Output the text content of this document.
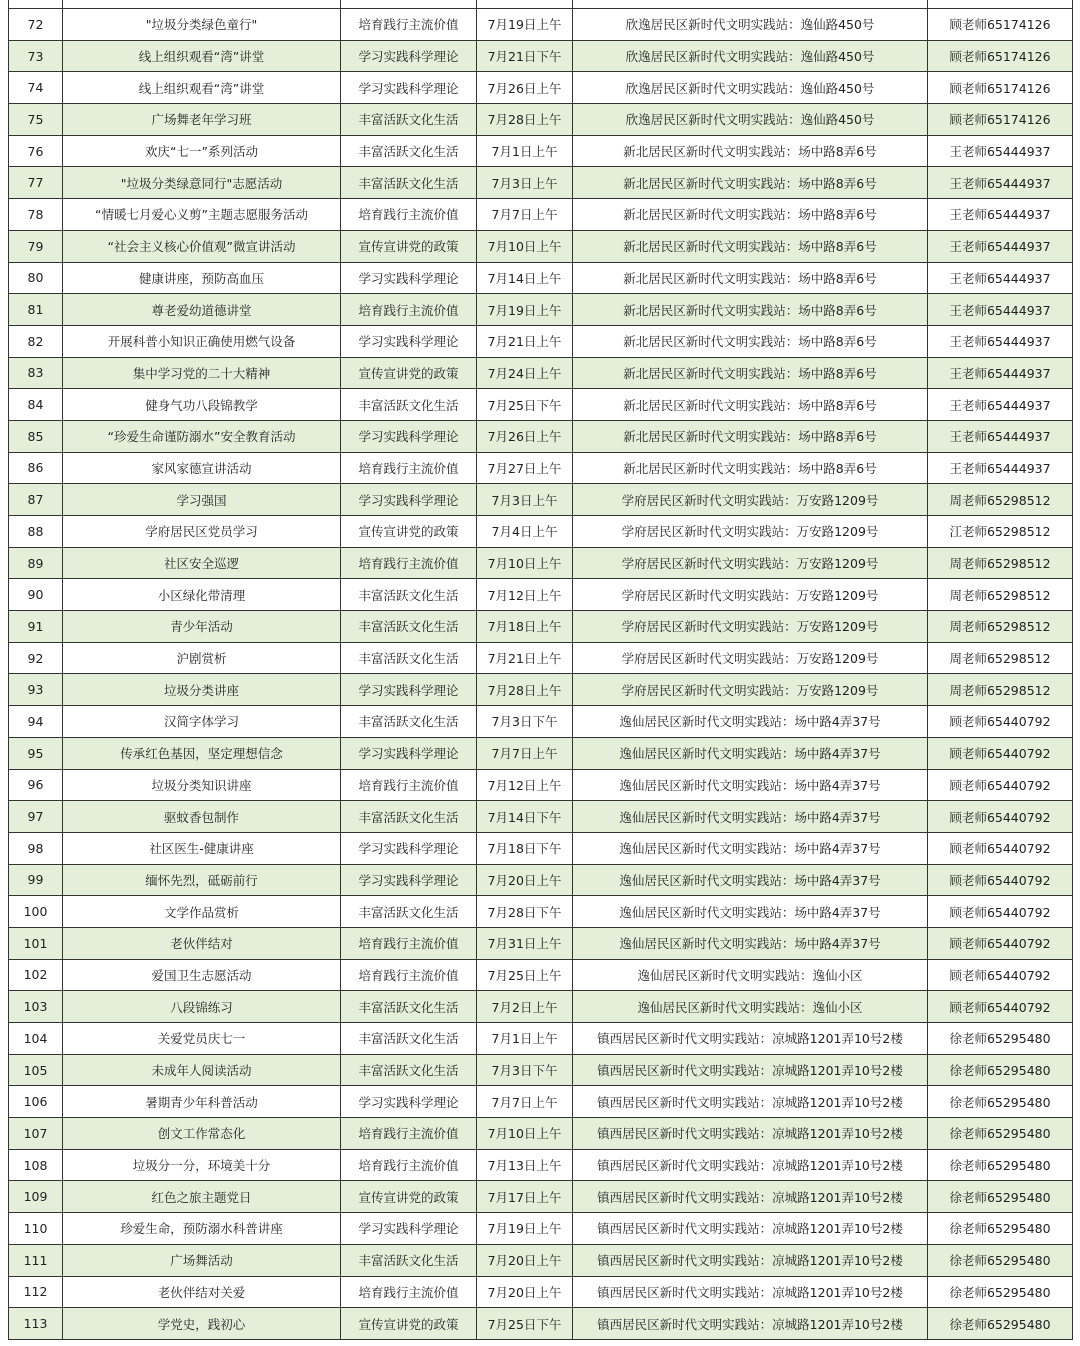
72	"垃圾分类绿色童行"	培育践行主流价值	7月19日上午	欣逸居民区新时代文明实践站：逸仙路450号	顾老师65174126
73	线上组织观看“湾”讲堂	学习实践科学理论	7月21日下午	欣逸居民区新时代文明实践站：逸仙路450号	顾老师65174126
74	线上组织观看“湾”讲堂	学习实践科学理论	7月26日上午	欣逸居民区新时代文明实践站：逸仙路450号	顾老师65174126
75	广场舞老年学习班	丰富活跃文化生活	7月28日上午	欣逸居民区新时代文明实践站：逸仙路450号	顾老师65174126
76	欢庆“七一”系列活动	丰富活跃文化生活	7月1日上午	新北居民区新时代文明实践站：场中路8弄6号	王老师65444937
77	"垃圾分类绿意同行"志愿活动	丰富活跃文化生活	7月3日上午	新北居民区新时代文明实践站：场中路8弄6号	王老师65444937
78	“情暖七月爱心义剪”主题志愿服务活动	培育践行主流价值	7月7日上午	新北居民区新时代文明实践站：场中路8弄6号	王老师65444937
79	“社会主义核心价值观”微宣讲活动	宣传宣讲党的政策	7月10日上午	新北居民区新时代文明实践站：场中路8弄6号	王老师65444937
80	健康讲座，预防高血压	学习实践科学理论	7月14日上午	新北居民区新时代文明实践站：场中路8弄6号	王老师65444937
81	尊老爱幼道德讲堂	培育践行主流价值	7月19日上午	新北居民区新时代文明实践站：场中路8弄6号	王老师65444937
82	开展科普小知识正确使用燃气设备	学习实践科学理论	7月21日上午	新北居民区新时代文明实践站：场中路8弄6号	王老师65444937
83	集中学习党的二十大精神	宣传宣讲党的政策	7月24日上午	新北居民区新时代文明实践站：场中路8弄6号	王老师65444937
84	健身气功八段锦教学	丰富活跃文化生活	7月25日下午	新北居民区新时代文明实践站：场中路8弄6号	王老师65444937
85	“珍爱生命谨防溺水”安全教育活动	学习实践科学理论	7月26日上午	新北居民区新时代文明实践站：场中路8弄6号	王老师65444937
86	家风家德宣讲活动	培育践行主流价值	7月27日上午	新北居民区新时代文明实践站：场中路8弄6号	王老师65444937
87	学习强国	学习实践科学理论	7月3日上午	学府居民区新时代文明实践站：万安路1209号	周老师65298512
88	学府居民区党员学习	宣传宣讲党的政策	7月4日上午	学府居民区新时代文明实践站：万安路1209号	江老师65298512
89	社区安全巡逻	培育践行主流价值	7月10日上午	学府居民区新时代文明实践站：万安路1209号	周老师65298512
90	小区绿化带清理	丰富活跃文化生活	7月12日上午	学府居民区新时代文明实践站：万安路1209号	周老师65298512
91	青少年活动	丰富活跃文化生活	7月18日上午	学府居民区新时代文明实践站：万安路1209号	周老师65298512
92	沪剧赏析	丰富活跃文化生活	7月21日上午	学府居民区新时代文明实践站：万安路1209号	周老师65298512
93	垃圾分类讲座	学习实践科学理论	7月28日上午	学府居民区新时代文明实践站：万安路1209号	周老师65298512
94	汉简字体学习	丰富活跃文化生活	7月3日下午	逸仙居民区新时代文明实践站：场中路4弄37号	顾老师65440792
95	传承红色基因，坚定理想信念	学习实践科学理论	7月7日上午	逸仙居民区新时代文明实践站：场中路4弄37号	顾老师65440792
96	垃圾分类知识讲座	培育践行主流价值	7月12日上午	逸仙居民区新时代文明实践站：场中路4弄37号	顾老师65440792
97	驱蚊香包制作	丰富活跃文化生活	7月14日下午	逸仙居民区新时代文明实践站：场中路4弄37号	顾老师65440792
98	社区医生-健康讲座	学习实践科学理论	7月18日下午	逸仙居民区新时代文明实践站：场中路4弄37号	顾老师65440792
99	缅怀先烈，砥砺前行	学习实践科学理论	7月20日上午	逸仙居民区新时代文明实践站：场中路4弄37号	顾老师65440792
100	文学作品赏析	丰富活跃文化生活	7月28日下午	逸仙居民区新时代文明实践站：场中路4弄37号	顾老师65440792
101	老伙伴结对	培育践行主流价值	7月31日上午	逸仙居民区新时代文明实践站：场中路4弄37号	顾老师65440792
102	爱国卫生志愿活动	培育践行主流价值	7月25日上午	逸仙居民区新时代文明实践站：逸仙小区	顾老师65440792
103	八段锦练习	丰富活跃文化生活	7月2日上午	逸仙居民区新时代文明实践站：逸仙小区	顾老师65440792
104	关爱党员庆七一	丰富活跃文化生活	7月1日上午	镇西居民区新时代文明实践站：凉城路1201弄10号2楼	徐老师65295480
105	未成年人阅读活动	丰富活跃文化生活	7月3日下午	镇西居民区新时代文明实践站：凉城路1201弄10号2楼	徐老师65295480
106	暑期青少年科普活动	学习实践科学理论	7月7日上午	镇西居民区新时代文明实践站：凉城路1201弄10号2楼	徐老师65295480
107	创文工作常态化	培育践行主流价值	7月10日上午	镇西居民区新时代文明实践站：凉城路1201弄10号2楼	徐老师65295480
108	垃圾分一分，环境美十分	培育践行主流价值	7月13日上午	镇西居民区新时代文明实践站：凉城路1201弄10号2楼	徐老师65295480
109	红色之旅主题党日	宣传宣讲党的政策	7月17日上午	镇西居民区新时代文明实践站：凉城路1201弄10号2楼	徐老师65295480
110	珍爱生命，预防溺水科普讲座	学习实践科学理论	7月19日上午	镇西居民区新时代文明实践站：凉城路1201弄10号2楼	徐老师65295480
111	广场舞活动	丰富活跃文化生活	7月20日上午	镇西居民区新时代文明实践站：凉城路1201弄10号2楼	徐老师65295480
112	老伙伴结对关爱	培育践行主流价值	7月20日上午	镇西居民区新时代文明实践站：凉城路1201弄10号2楼	徐老师65295480
113	学党史，践初心	宣传宣讲党的政策	7月25日下午	镇西居民区新时代文明实践站：凉城路1201弄10号2楼	徐老师65295480
